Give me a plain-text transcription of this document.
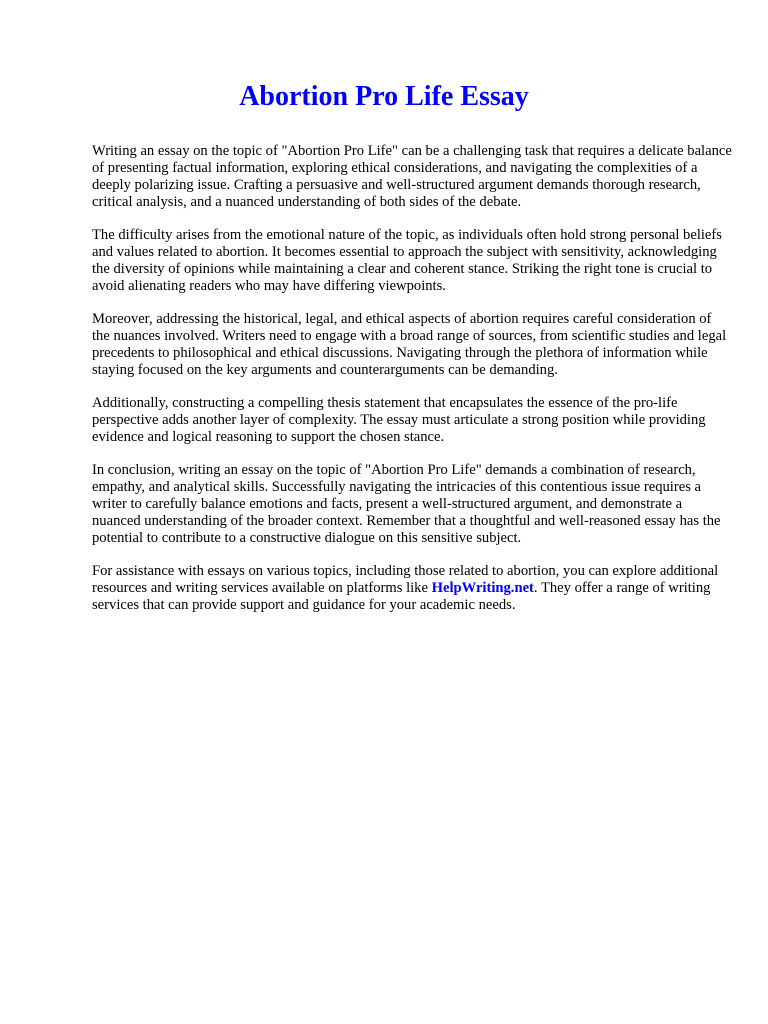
Abortion Pro Life Essay

Writing an essay on the topic of "Abortion Pro Life" can be a challenging task that requires a delicate balance of presenting factual information, exploring ethical considerations, and navigating the complexities of a deeply polarizing issue. Crafting a persuasive and well-structured argument demands thorough research, critical analysis, and a nuanced understanding of both sides of the debate.

The difficulty arises from the emotional nature of the topic, as individuals often hold strong personal beliefs and values related to abortion. It becomes essential to approach the subject with sensitivity, acknowledging the diversity of opinions while maintaining a clear and coherent stance. Striking the right tone is crucial to avoid alienating readers who may have differing viewpoints.

Moreover, addressing the historical, legal, and ethical aspects of abortion requires careful consideration of the nuances involved. Writers need to engage with a broad range of sources, from scientific studies and legal precedents to philosophical and ethical discussions. Navigating through the plethora of information while staying focused on the key arguments and counterarguments can be demanding.

Additionally, constructing a compelling thesis statement that encapsulates the essence of the pro-life perspective adds another layer of complexity. The essay must articulate a strong position while providing evidence and logical reasoning to support the chosen stance.

In conclusion, writing an essay on the topic of "Abortion Pro Life" demands a combination of research, empathy, and analytical skills. Successfully navigating the intricacies of this contentious issue requires a writer to carefully balance emotions and facts, present a well-structured argument, and demonstrate a nuanced understanding of the broader context. Remember that a thoughtful and well-reasoned essay has the potential to contribute to a constructive dialogue on this sensitive subject.

For assistance with essays on various topics, including those related to abortion, you can explore additional resources and writing services available on platforms like HelpWriting.net. They offer a range of writing services that can provide support and guidance for your academic needs.
